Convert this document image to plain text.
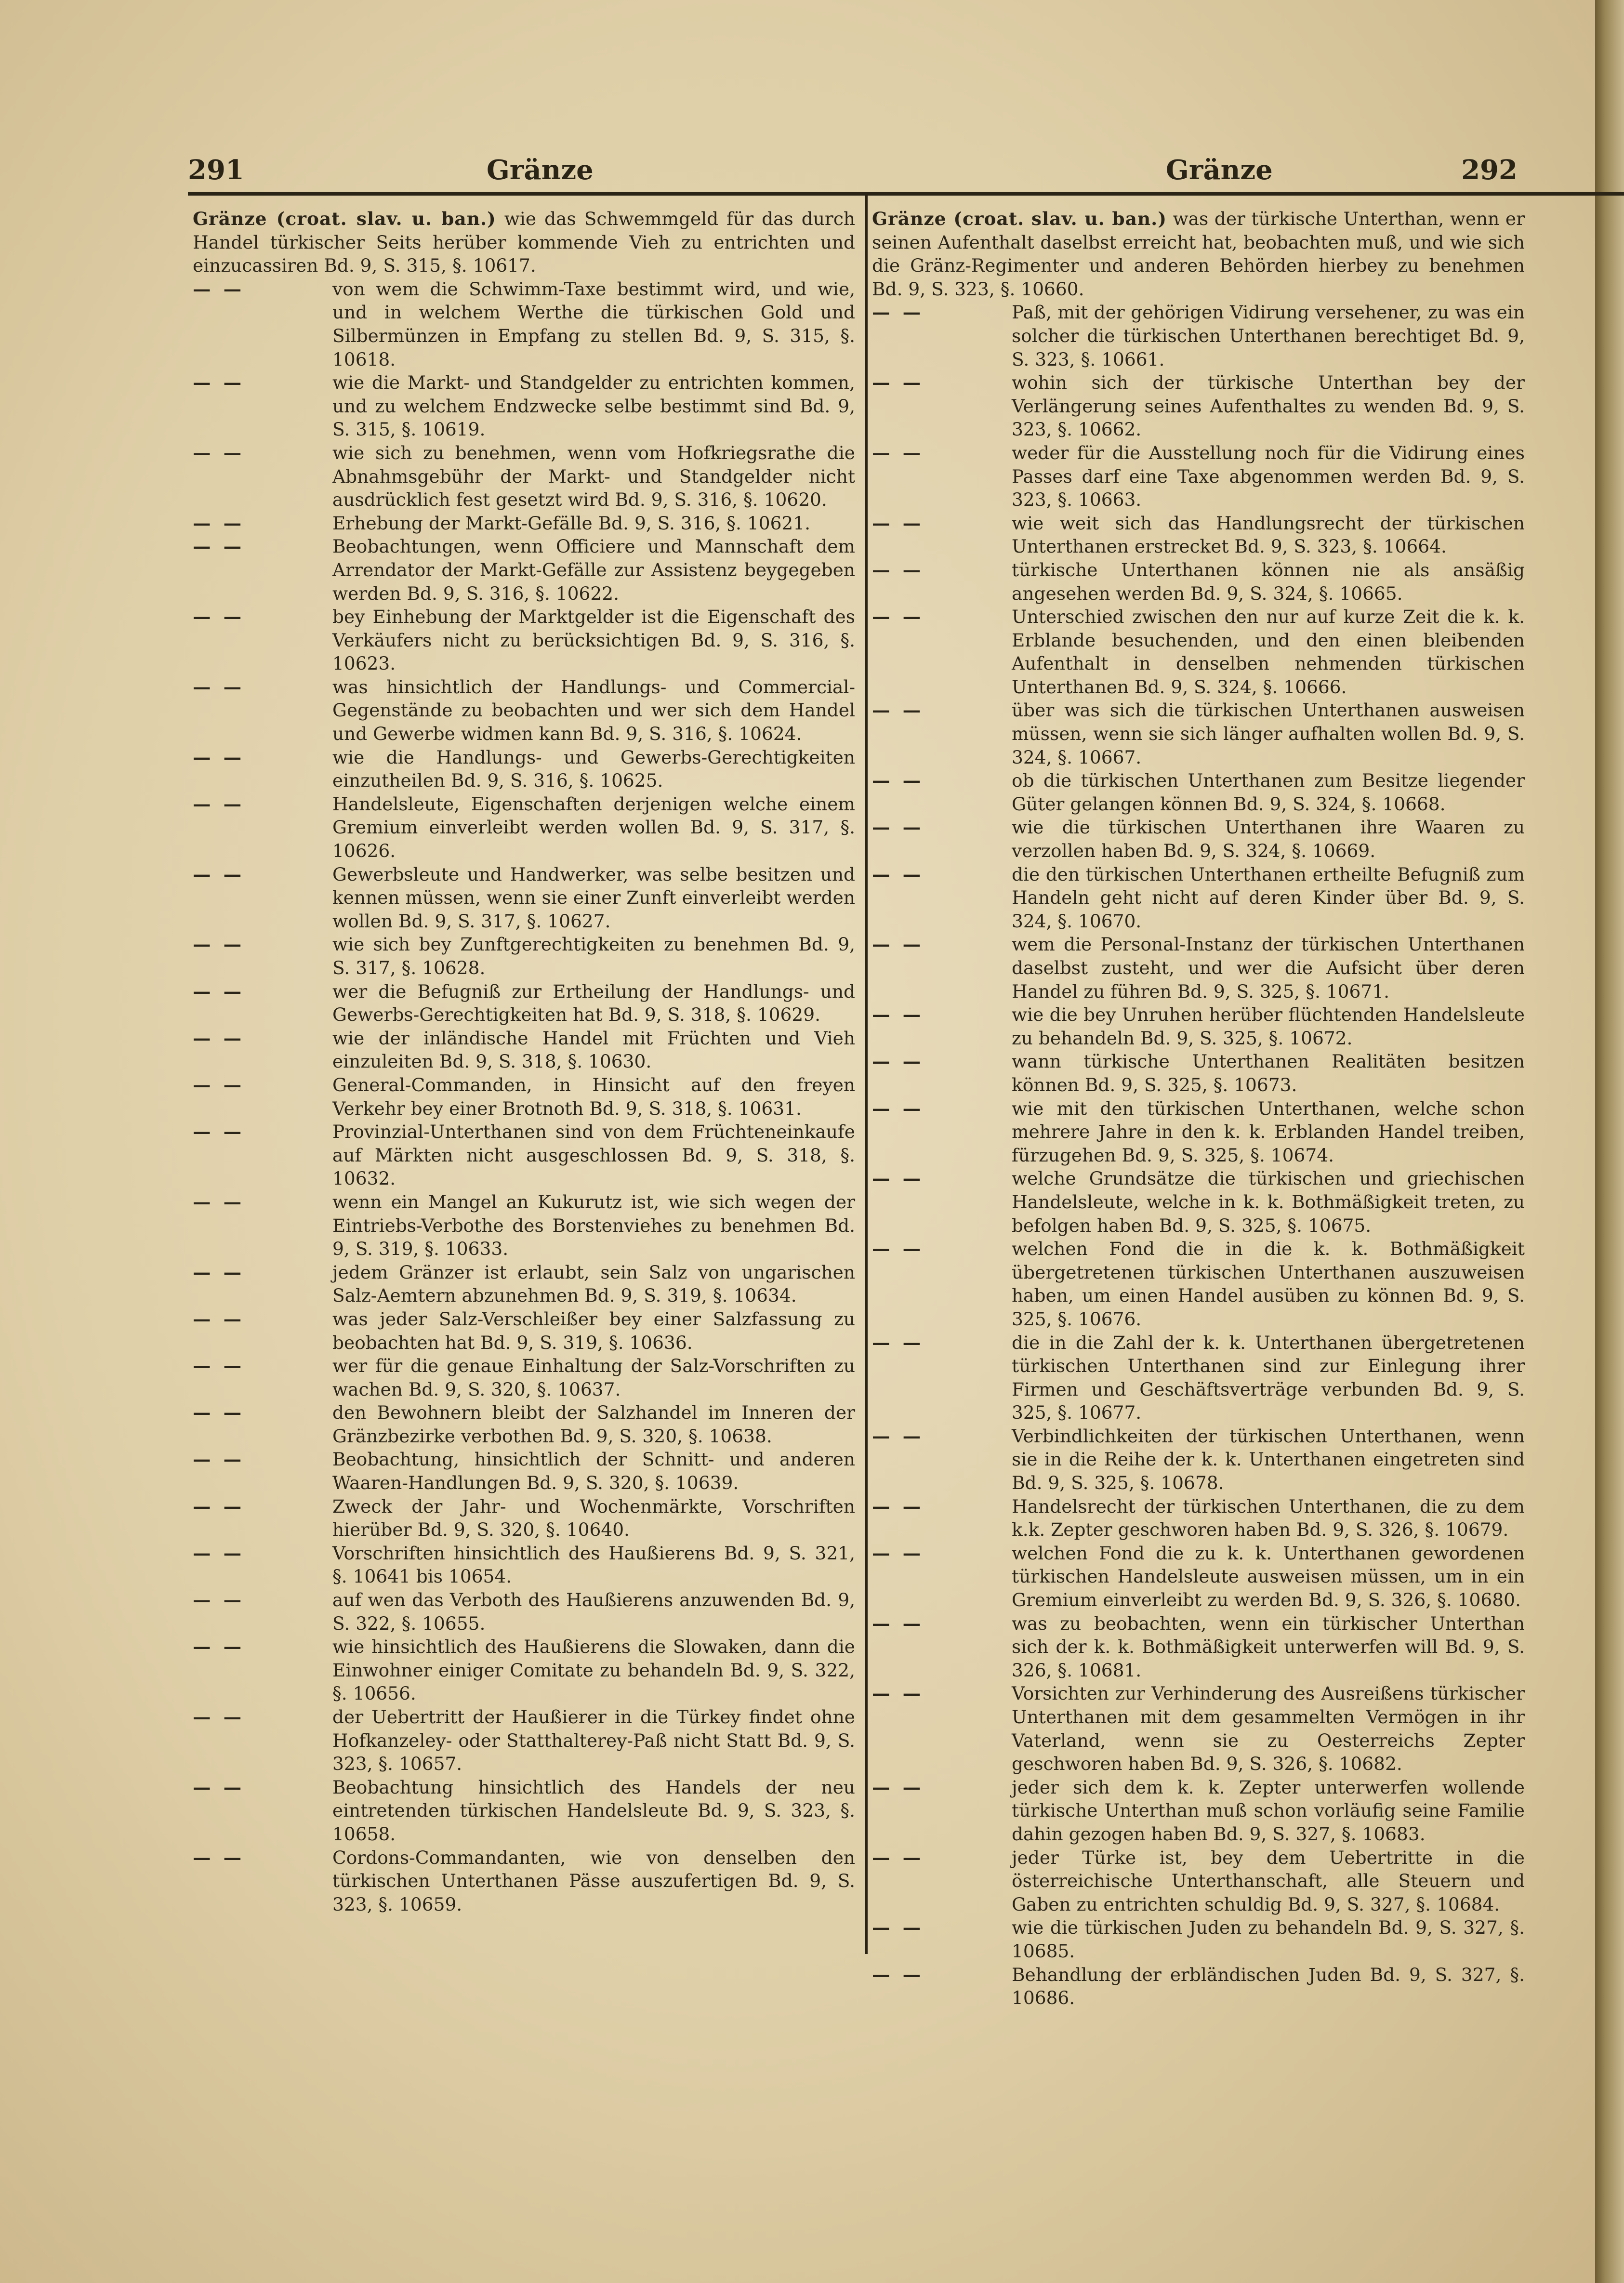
291	Gränze	Gränze	292
Gränze (croat. slav. u. ban.) wie das Schwemmgeld für das durch Handel türkischer Seits herüber kommende Vieh zu entrichten und einzucassiren Bd. 9, S. 315, §. 10617.
—  —	von wem die Schwimm-Taxe bestimmt wird, und wie, und in welchem Werthe die türkischen Gold und Silbermünzen in Empfang zu stellen Bd. 9, S. 315, §. 10618.
—  —	wie die Markt- und Standgelder zu entrichten kommen, und zu welchem Endzwecke selbe bestimmt sind Bd. 9, S. 315, §. 10619.
—  —	wie sich zu benehmen, wenn vom Hofkriegsrathe die Abnahmsgebühr der Markt- und Standgelder nicht ausdrücklich fest gesetzt wird Bd. 9, S. 316, §. 10620.
—  —	Erhebung der Markt-Gefälle Bd. 9, S. 316, §. 10621.
—  —	Beobachtungen, wenn Officiere und Mannschaft dem Arrendator der Markt-Gefälle zur Assistenz beygegeben werden Bd. 9, S. 316, §. 10622.
—  —	bey Einhebung der Marktgelder ist die Eigenschaft des Verkäufers nicht zu berücksichtigen Bd. 9, S. 316, §. 10623.
—  —	was hinsichtlich der Handlungs- und Commercial-Gegenstände zu beobachten und wer sich dem Handel und Gewerbe widmen kann Bd. 9, S. 316, §. 10624.
—  —	wie die Handlungs- und Gewerbs-Gerechtigkeiten einzutheilen Bd. 9, S. 316, §. 10625.
—  —	Handelsleute, Eigenschaften derjenigen welche einem Gremium einverleibt werden wollen Bd. 9, S. 317, §. 10626.
—  —	Gewerbsleute und Handwerker, was selbe besitzen und kennen müssen, wenn sie einer Zunft einverleibt werden wollen Bd. 9, S. 317, §. 10627.
—  —	wie sich bey Zunftgerechtigkeiten zu benehmen Bd. 9, S. 317, §. 10628.
—  —	wer die Befugniß zur Ertheilung der Handlungs- und Gewerbs-Gerechtigkeiten hat Bd. 9, S. 318, §. 10629.
—  —	wie der inländische Handel mit Früchten und Vieh einzuleiten Bd. 9, S. 318, §. 10630.
—  —	General-Commanden, in Hinsicht auf den freyen Verkehr bey einer Brotnoth Bd. 9, S. 318, §. 10631.
—  —	Provinzial-Unterthanen sind von dem Früchteneinkaufe auf Märkten nicht ausgeschlossen Bd. 9, S. 318, §. 10632.
—  —	wenn ein Mangel an Kukurutz ist, wie sich wegen der Eintriebs-Verbothe des Borstenviehes zu benehmen Bd. 9, S. 319, §. 10633.
—  —	jedem Gränzer ist erlaubt, sein Salz von ungarischen Salz-Aemtern abzunehmen Bd. 9, S. 319, §. 10634.
—  —	was jeder Salz-Verschleißer bey einer Salzfassung zu beobachten hat Bd. 9, S. 319, §. 10636.
—  —	wer für die genaue Einhaltung der Salz-Vorschriften zu wachen Bd. 9, S. 320, §. 10637.
—  —	den Bewohnern bleibt der Salzhandel im Inneren der Gränzbezirke verbothen Bd. 9, S. 320, §. 10638.
—  —	Beobachtung, hinsichtlich der Schnitt- und anderen Waaren-Handlungen Bd. 9, S. 320, §. 10639.
—  —	Zweck der Jahr- und Wochenmärkte, Vorschriften hierüber Bd. 9, S. 320, §. 10640.
—  —	Vorschriften hinsichtlich des Haußierens Bd. 9, S. 321, §. 10641 bis 10654.
—  —	auf wen das Verboth des Haußierens anzuwenden Bd. 9, S. 322, §. 10655.
—  —	wie hinsichtlich des Haußierens die Slowaken, dann die Einwohner einiger Comitate zu behandeln Bd. 9, S. 322, §. 10656.
—  —	der Uebertritt der Haußierer in die Türkey findet ohne Hofkanzeley- oder Statthalterey-Paß nicht Statt Bd. 9, S. 323, §. 10657.
—  —	Beobachtung hinsichtlich des Handels der neu eintretenden türkischen Handelsleute Bd. 9, S. 323, §. 10658.
—  —	Cordons-Commandanten, wie von denselben den türkischen Unterthanen Pässe auszufertigen Bd. 9, S. 323, §. 10659.
Gränze (croat. slav. u. ban.) was der türkische Unterthan, wenn er seinen Aufenthalt daselbst erreicht hat, beobachten muß, und wie sich die Gränz-Regimenter und anderen Behörden hierbey zu benehmen Bd. 9, S. 323, §. 10660.
—  —	Paß, mit der gehörigen Vidirung versehener, zu was ein solcher die türkischen Unterthanen berechtiget Bd. 9, S. 323, §. 10661.
—  —	wohin sich der türkische Unterthan bey der Verlängerung seines Aufenthaltes zu wenden Bd. 9, S. 323, §. 10662.
—  —	weder für die Ausstellung noch für die Vidirung eines Passes darf eine Taxe abgenommen werden Bd. 9, S. 323, §. 10663.
—  —	wie weit sich das Handlungsrecht der türkischen Unterthanen erstrecket Bd. 9, S. 323, §. 10664.
—  —	türkische Unterthanen können nie als ansäßig angesehen werden Bd. 9, S. 324, §. 10665.
—  —	Unterschied zwischen den nur auf kurze Zeit die k. k. Erblande besuchenden, und den einen bleibenden Aufenthalt in denselben nehmenden türkischen Unterthanen Bd. 9, S. 324, §. 10666.
—  —	über was sich die türkischen Unterthanen ausweisen müssen, wenn sie sich länger aufhalten wollen Bd. 9, S. 324, §. 10667.
—  —	ob die türkischen Unterthanen zum Besitze liegender Güter gelangen können Bd. 9, S. 324, §. 10668.
—  —	wie die türkischen Unterthanen ihre Waaren zu verzollen haben Bd. 9, S. 324, §. 10669.
—  —	die den türkischen Unterthanen ertheilte Befugniß zum Handeln geht nicht auf deren Kinder über Bd. 9, S. 324, §. 10670.
—  —	wem die Personal-Instanz der türkischen Unterthanen daselbst zusteht, und wer die Aufsicht über deren Handel zu führen Bd. 9, S. 325, §. 10671.
—  —	wie die bey Unruhen herüber flüchtenden Handelsleute zu behandeln Bd. 9, S. 325, §. 10672.
—  —	wann türkische Unterthanen Realitäten besitzen können Bd. 9, S. 325, §. 10673.
—  —	wie mit den türkischen Unterthanen, welche schon mehrere Jahre in den k. k. Erblanden Handel treiben, fürzugehen Bd. 9, S. 325, §. 10674.
—  —	welche Grundsätze die türkischen und griechischen Handelsleute, welche in k. k. Bothmäßigkeit treten, zu befolgen haben Bd. 9, S. 325, §. 10675.
—  —	welchen Fond die in die k. k. Bothmäßigkeit übergetretenen türkischen Unterthanen auszuweisen haben, um einen Handel ausüben zu können Bd. 9, S. 325, §. 10676.
—  —	die in die Zahl der k. k. Unterthanen übergetretenen türkischen Unterthanen sind zur Einlegung ihrer Firmen und Geschäftsverträge verbunden Bd. 9, S. 325, §. 10677.
—  —	Verbindlichkeiten der türkischen Unterthanen, wenn sie in die Reihe der k. k. Unterthanen eingetreten sind Bd. 9, S. 325, §. 10678.
—  —	Handelsrecht der türkischen Unterthanen, die zu dem k.k. Zepter geschworen haben Bd. 9, S. 326, §. 10679.
—  —	welchen Fond die zu k. k. Unterthanen gewordenen türkischen Handelsleute ausweisen müssen, um in ein Gremium einverleibt zu werden Bd. 9, S. 326, §. 10680.
—  —	was zu beobachten, wenn ein türkischer Unterthan sich der k. k. Bothmäßigkeit unterwerfen will Bd. 9, S. 326, §. 10681.
—  —	Vorsichten zur Verhinderung des Ausreißens türkischer Unterthanen mit dem gesammelten Vermögen in ihr Vaterland, wenn sie zu Oesterreichs Zepter geschworen haben Bd. 9, S. 326, §. 10682.
—  —	jeder sich dem k. k. Zepter unterwerfen wollende türkische Unterthan muß schon vorläufig seine Familie dahin gezogen haben Bd. 9, S. 327, §. 10683.
—  —	jeder Türke ist, bey dem Uebertritte in die österreichische Unterthanschaft, alle Steuern und Gaben zu entrichten schuldig Bd. 9, S. 327, §. 10684.
—  —	wie die türkischen Juden zu behandeln Bd. 9, S. 327, §. 10685.
—  —	Behandlung der erbländischen Juden Bd. 9, S. 327, §. 10686.
